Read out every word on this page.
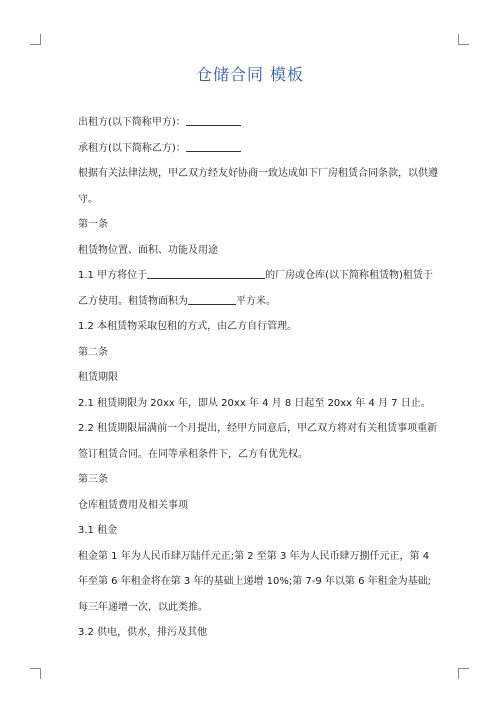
仓储合同 模板

出租方(以下简称甲方)：

承租方(以下简称乙方)：

根据有关法律法规，甲乙双方经友好协商一致达成如下厂房租赁合同条款，以供遵守。

第一条

租赁物位置、面积、功能及用途

1.1 甲方将位于	的厂房或仓库(以下简称租赁物)租赁于乙方使用。租赁物面积为	平方米。

1.2 本租赁物采取包租的方式，由乙方自行管理。

第二条

租赁期限

2.1 租赁期限为 20xx 年，即从 20xx 年 4 月 8 日起至 20xx 年 4 月 7 日止。

2.2 租赁期限届满前一个月提出，经甲方同意后，甲乙双方将对有关租赁事项重新签订租赁合同。在同等承租条件下，乙方有优先权。

第三条

仓库租赁费用及相关事项

3.1 租金

租金第 1 年为人民币肆万陆仟元正;第 2 至第 3 年为人民币肆万捌仟元正，第 4 年至第 6 年租金将在第 3 年的基础上递增 10%;第 7-9 年以第 6 年租金为基础;每三年递增一次，以此类推。

3.2 供电，供水，排污及其他
